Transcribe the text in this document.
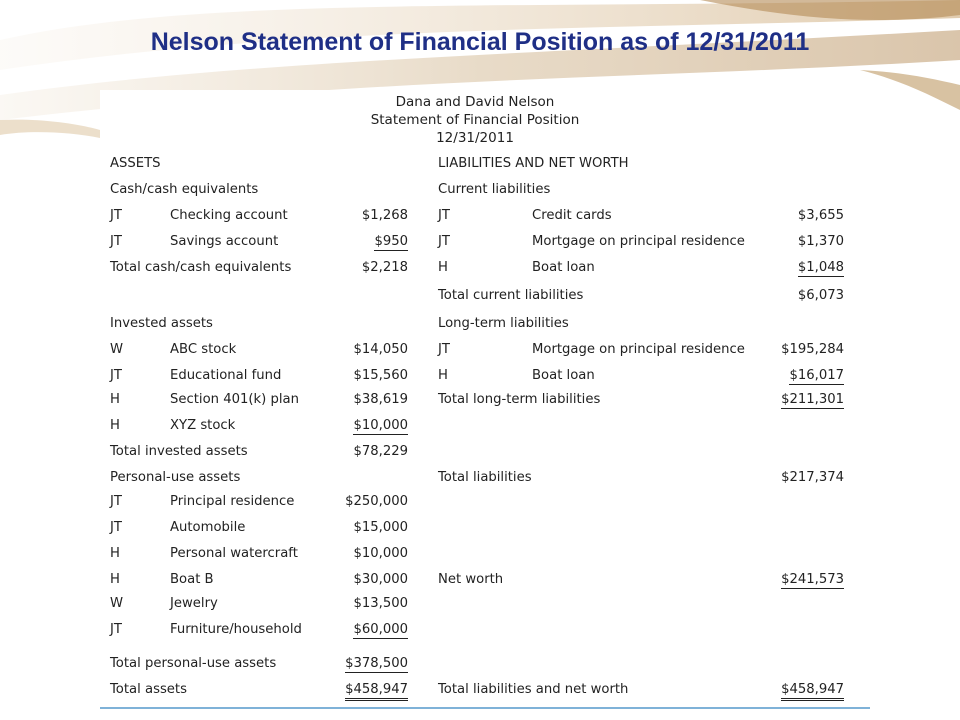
Nelson Statement of Financial Position as of 12/31/2011
Dana and David Nelson
Statement of Financial Position
12/31/2011
ASSETS
Cash/cash equivalents
JT	Checking account	$1,268
JT	Savings account	$950
Total cash/cash equivalents	$2,218
Invested assets
W	ABC stock	$14,050
JT	Educational fund	$15,560
H	Section 401(k) plan	$38,619
H	XYZ stock	$10,000
Total invested assets	$78,229
Personal-use assets
JT	Principal residence	$250,000
JT	Automobile	$15,000
H	Personal watercraft	$10,000
H	Boat B	$30,000
W	Jewelry	$13,500
JT	Furniture/household	$60,000
Total personal-use assets	$378,500
Total assets	$458,947
LIABILITIES AND NET WORTH
Current liabilities
JT	Credit cards	$3,655
JT	Mortgage on principal residence	$1,370
H	Boat loan	$1,048
Total current liabilities	$6,073
Long-term liabilities
JT	Mortgage on principal residence	$195,284
H	Boat loan	$16,017
Total long-term liabilities	$211,301
Total liabilities	$217,374
Net worth	$241,573
Total liabilities and net worth	$458,947
